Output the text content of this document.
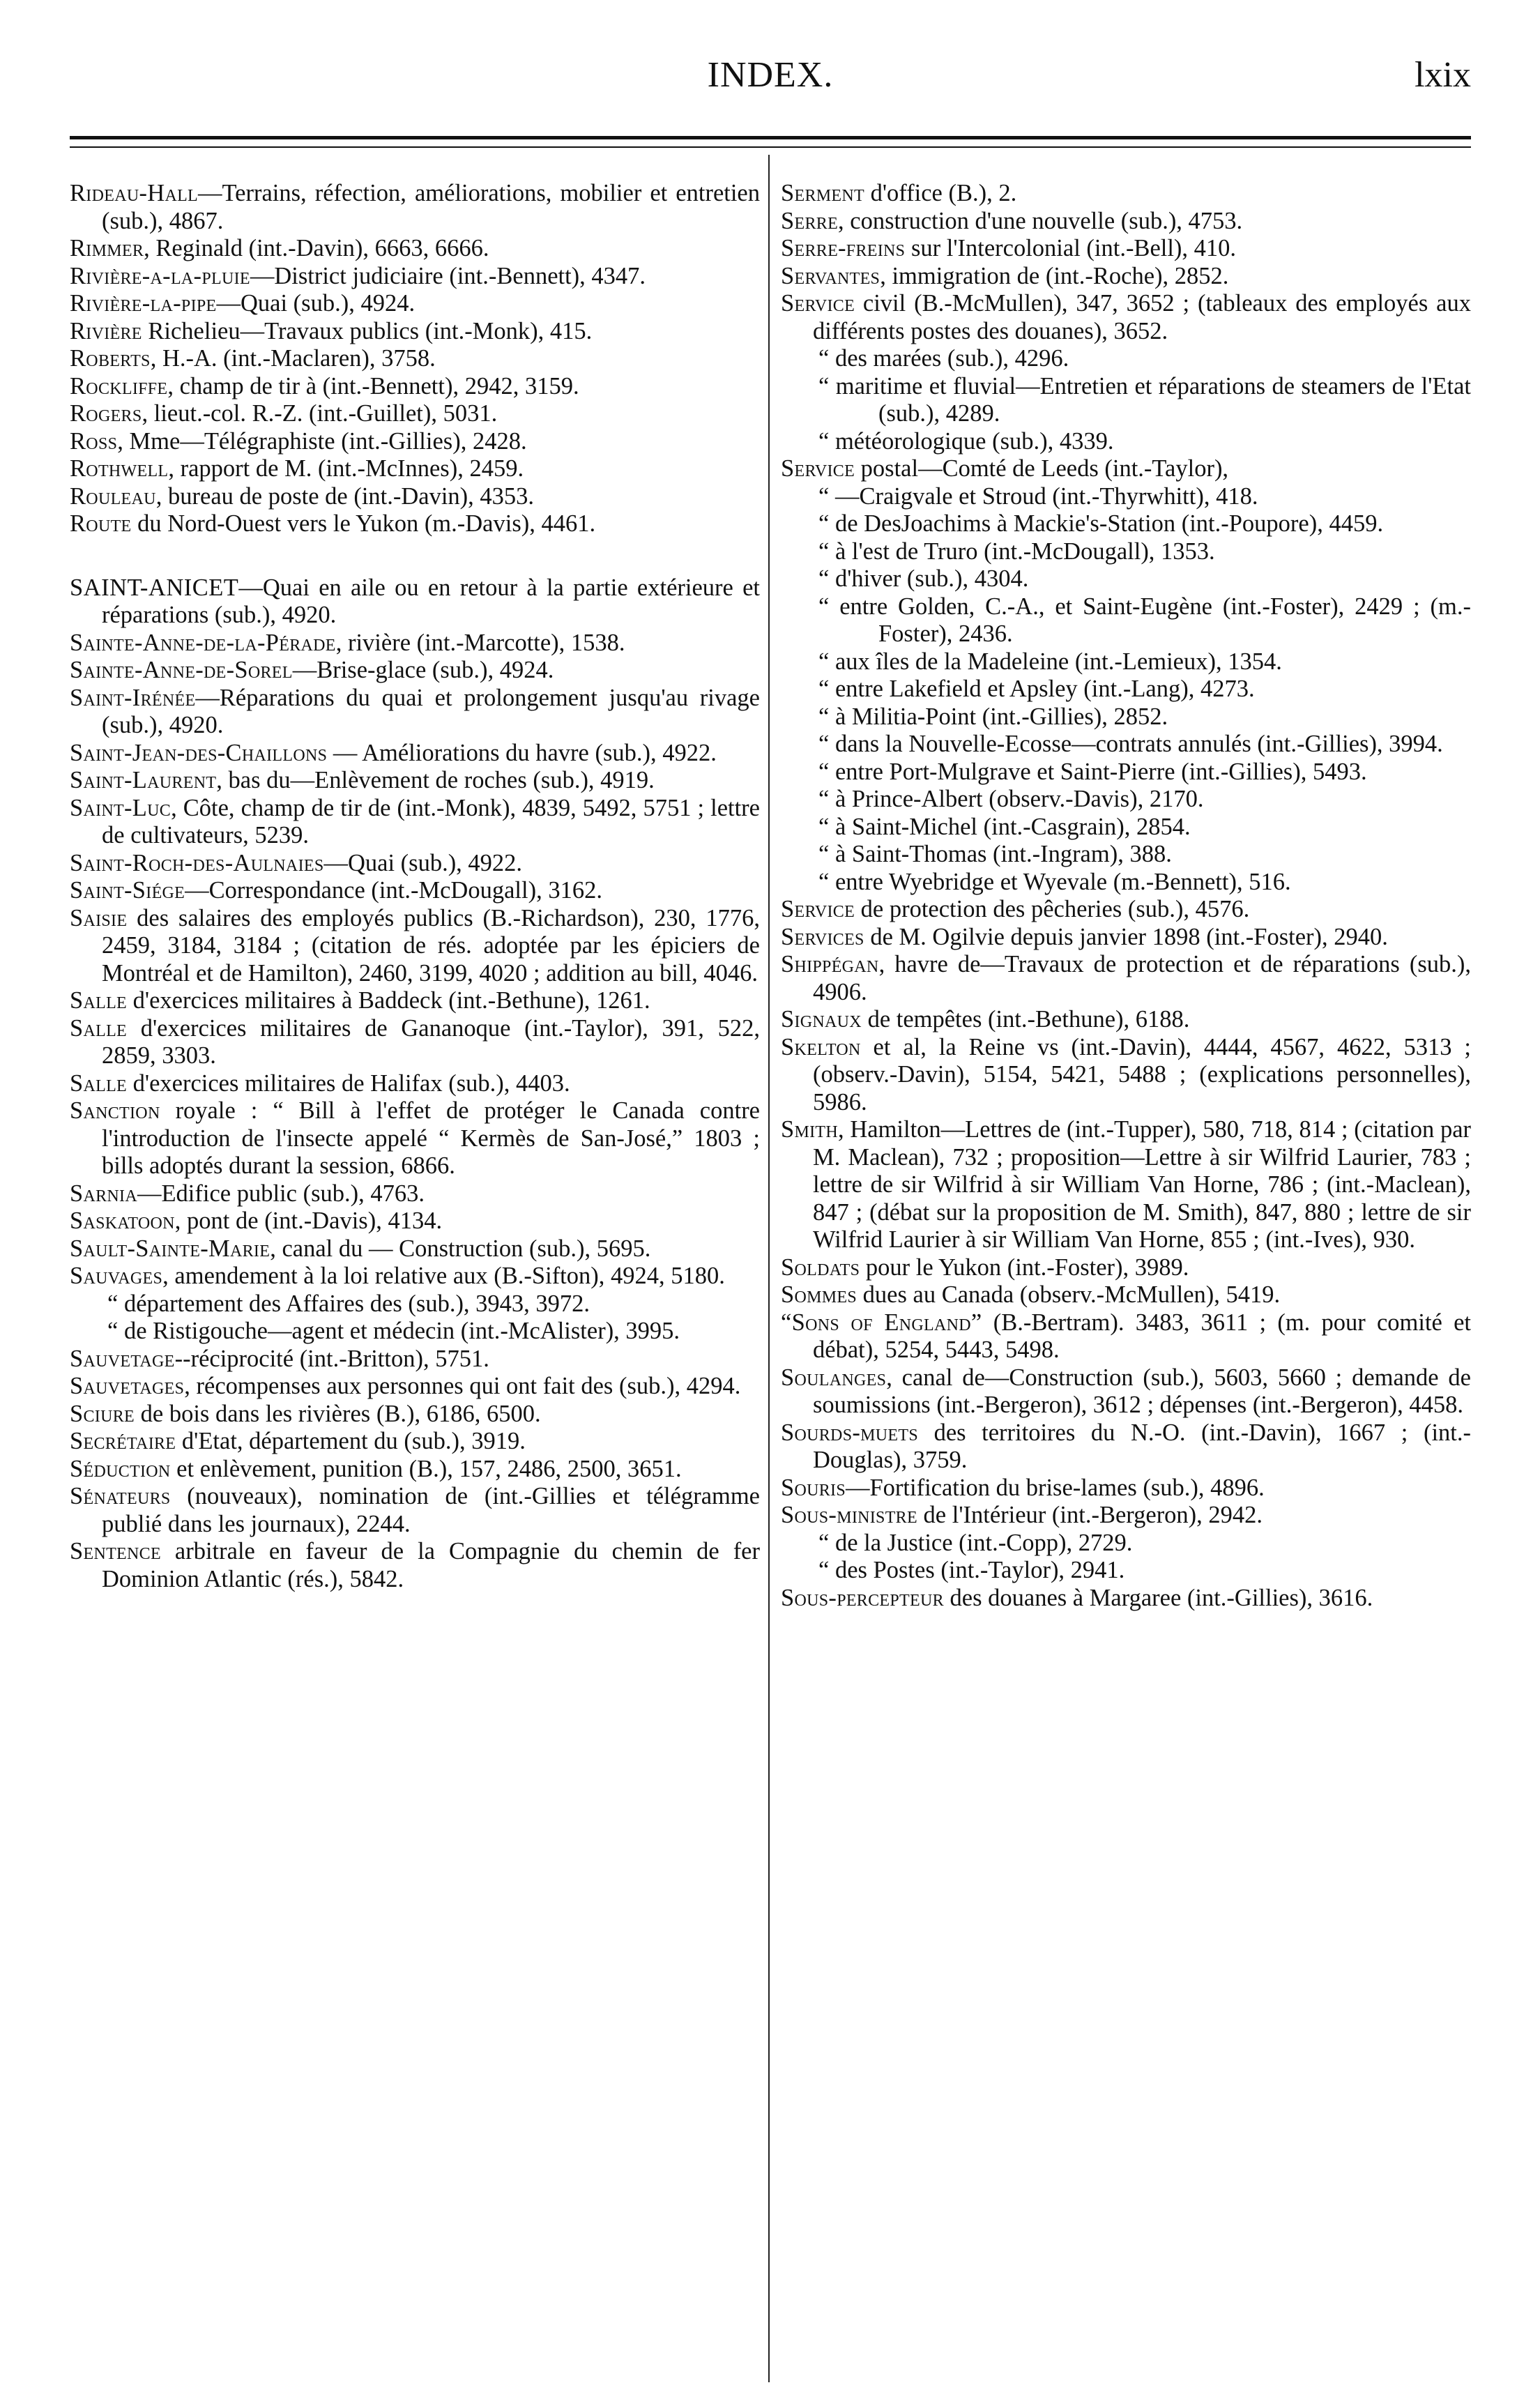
INDEX.	lxix

Rideau-Hall—Terrains, réfection, améliorations, mobilier et entretien (sub.), 4867.

Rimmer, Reginald (int.-Davin), 6663, 6666.

Rivière-a-la-pluie—District judiciaire (int.-Bennett), 4347.

Rivière-la-pipe—Quai (sub.), 4924.

Rivière Richelieu—Travaux publics (int.-Monk), 415.

Roberts, H.-A. (int.-Maclaren), 3758.

Rockliffe, champ de tir à (int.-Bennett), 2942, 3159.

Rogers, lieut.-col. R.-Z. (int.-Guillet), 5031.

Ross, Mme—Télégraphiste (int.-Gillies), 2428.

Rothwell, rapport de M. (int.-McInnes), 2459.

Rouleau, bureau de poste de (int.-Davin), 4353.

Route du Nord-Ouest vers le Yukon (m.-Davis), 4461.

SAINT-ANICET—Quai en aile ou en retour à la partie extérieure et réparations (sub.), 4920.

Sainte-Anne-de-la-Pérade, rivière (int.-Marcotte), 1538.

Sainte-Anne-de-Sorel—Brise-glace (sub.), 4924.

Saint-Irénée—Réparations du quai et prolongement jusqu'au rivage (sub.), 4920.

Saint-Jean-des-Chaillons — Améliorations du havre (sub.), 4922.

Saint-Laurent, bas du—Enlèvement de roches (sub.), 4919.

Saint-Luc, Côte, champ de tir de (int.-Monk), 4839, 5492, 5751 ; lettre de cultivateurs, 5239.

Saint-Roch-des-Aulnaies—Quai (sub.), 4922.

Saint-Siége—Correspondance (int.-McDougall), 3162.

Saisie des salaires des employés publics (B.-Richardson), 230, 1776, 2459, 3184, 3184 ; (citation de rés. adoptée par les épiciers de Montréal et de Hamilton), 2460, 3199, 4020 ; addition au bill, 4046.

Salle d'exercices militaires à Baddeck (int.-Bethune), 1261.

Salle d'exercices militaires de Gananoque (int.-Taylor), 391, 522, 2859, 3303.

Salle d'exercices militaires de Halifax (sub.), 4403.

Sanction royale : “ Bill à l'effet de protéger le Canada contre l'introduction de l'insecte appelé “ Kermès de San-José,” 1803 ; bills adoptés durant la session, 6866.

Sarnia—Edifice public (sub.), 4763.

Saskatoon, pont de (int.-Davis), 4134.

Sault-Sainte-Marie, canal du — Construction (sub.), 5695.

Sauvages, amendement à la loi relative aux (B.-Sifton), 4924, 5180.

“ département des Affaires des (sub.), 3943, 3972.

“ de Ristigouche—agent et médecin (int.-McAlister), 3995.

Sauvetage--réciprocité (int.-Britton), 5751.

Sauvetages, récompenses aux personnes qui ont fait des (sub.), 4294.

Sciure de bois dans les rivières (B.), 6186, 6500.

Secrétaire d'Etat, département du (sub.), 3919.

Séduction et enlèvement, punition (B.), 157, 2486, 2500, 3651.

Sénateurs (nouveaux), nomination de (int.-Gillies et télégramme publié dans les journaux), 2244.

Sentence arbitrale en faveur de la Compagnie du chemin de fer Dominion Atlantic (rés.), 5842.

Serment d'office (B.), 2.

Serre, construction d'une nouvelle (sub.), 4753.

Serre-freins sur l'Intercolonial (int.-Bell), 410.

Servantes, immigration de (int.-Roche), 2852.

Service civil (B.-McMullen), 347, 3652 ; (tableaux des employés aux différents postes des douanes), 3652.

“ des marées (sub.), 4296.

“ maritime et fluvial—Entretien et réparations de steamers de l'Etat (sub.), 4289.

“ météorologique (sub.), 4339.

Service postal—Comté de Leeds (int.-Taylor),

“ —Craigvale et Stroud (int.-Thyrwhitt), 418.

“ de DesJoachims à Mackie's-Station (int.-Poupore), 4459.

“ à l'est de Truro (int.-McDougall), 1353.

“ d'hiver (sub.), 4304.

“ entre Golden, C.-A., et Saint-Eugène (int.-Foster), 2429 ; (m.-Foster), 2436.

“ aux îles de la Madeleine (int.-Lemieux), 1354.

“ entre Lakefield et Apsley (int.-Lang), 4273.

“ à Militia-Point (int.-Gillies), 2852.

“ dans la Nouvelle-Ecosse—contrats annulés (int.-Gillies), 3994.

“ entre Port-Mulgrave et Saint-Pierre (int.-Gillies), 5493.

“ à Prince-Albert (observ.-Davis), 2170.

“ à Saint-Michel (int.-Casgrain), 2854.

“ à Saint-Thomas (int.-Ingram), 388.

“ entre Wyebridge et Wyevale (m.-Bennett), 516.

Service de protection des pêcheries (sub.), 4576.

Services de M. Ogilvie depuis janvier 1898 (int.-Foster), 2940.

Shippégan, havre de—Travaux de protection et de réparations (sub.), 4906.

Signaux de tempêtes (int.-Bethune), 6188.

Skelton et al, la Reine vs (int.-Davin), 4444, 4567, 4622, 5313 ; (observ.-Davin), 5154, 5421, 5488 ; (explications personnelles), 5986.

Smith, Hamilton—Lettres de (int.-Tupper), 580, 718, 814 ; (citation par M. Maclean), 732 ; proposition—Lettre à sir Wilfrid Laurier, 783 ; lettre de sir Wilfrid à sir William Van Horne, 786 ; (int.-Maclean), 847 ; (débat sur la proposition de M. Smith), 847, 880 ; lettre de sir Wilfrid Laurier à sir William Van Horne, 855 ; (int.-Ives), 930.

Soldats pour le Yukon (int.-Foster), 3989.

Sommes dues au Canada (observ.-McMullen), 5419.

“Sons of England” (B.-Bertram). 3483, 3611 ; (m. pour comité et débat), 5254, 5443, 5498.

Soulanges, canal de—Construction (sub.), 5603, 5660 ; demande de soumissions (int.-Bergeron), 3612 ; dépenses (int.-Bergeron), 4458.

Sourds-muets des territoires du N.-O. (int.-Davin), 1667 ; (int.-Douglas), 3759.

Souris—Fortification du brise-lames (sub.), 4896.

Sous-ministre de l'Intérieur (int.-Bergeron), 2942.

“ de la Justice (int.-Copp), 2729.

“ des Postes (int.-Taylor), 2941.

Sous-percepteur des douanes à Margaree (int.-Gillies), 3616.
